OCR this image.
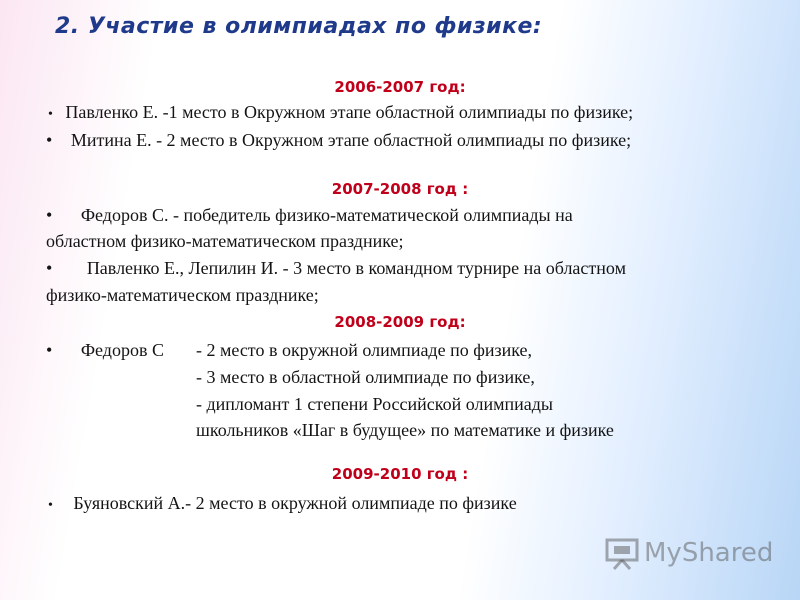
2. Участие в олимпиадах по физике:
2006-2007 год:
• Павленко Е. -1 место в Окружном этапе областной олимпиады по физике;
• Митина Е. - 2 место в Окружном этапе областной олимпиады по физике;
2007-2008 год :
• Федоров С. - победитель физико-математической олимпиады на
областном физико-математическом празднике;
• Павленко Е., Лепилин И. - 3 место в командном турнире на областном
физико-математическом празднике;
2008-2009 год:
• Федоров С - 2 место в окружной олимпиаде по физике,
- 3 место в областной олимпиаде по физике,
- дипломант 1 степени Российской олимпиады
школьников «Шаг в будущее» по математике и физике
2009-2010 год :
• Буяновский А.- 2 место в окружной олимпиаде по физике
MyShared
